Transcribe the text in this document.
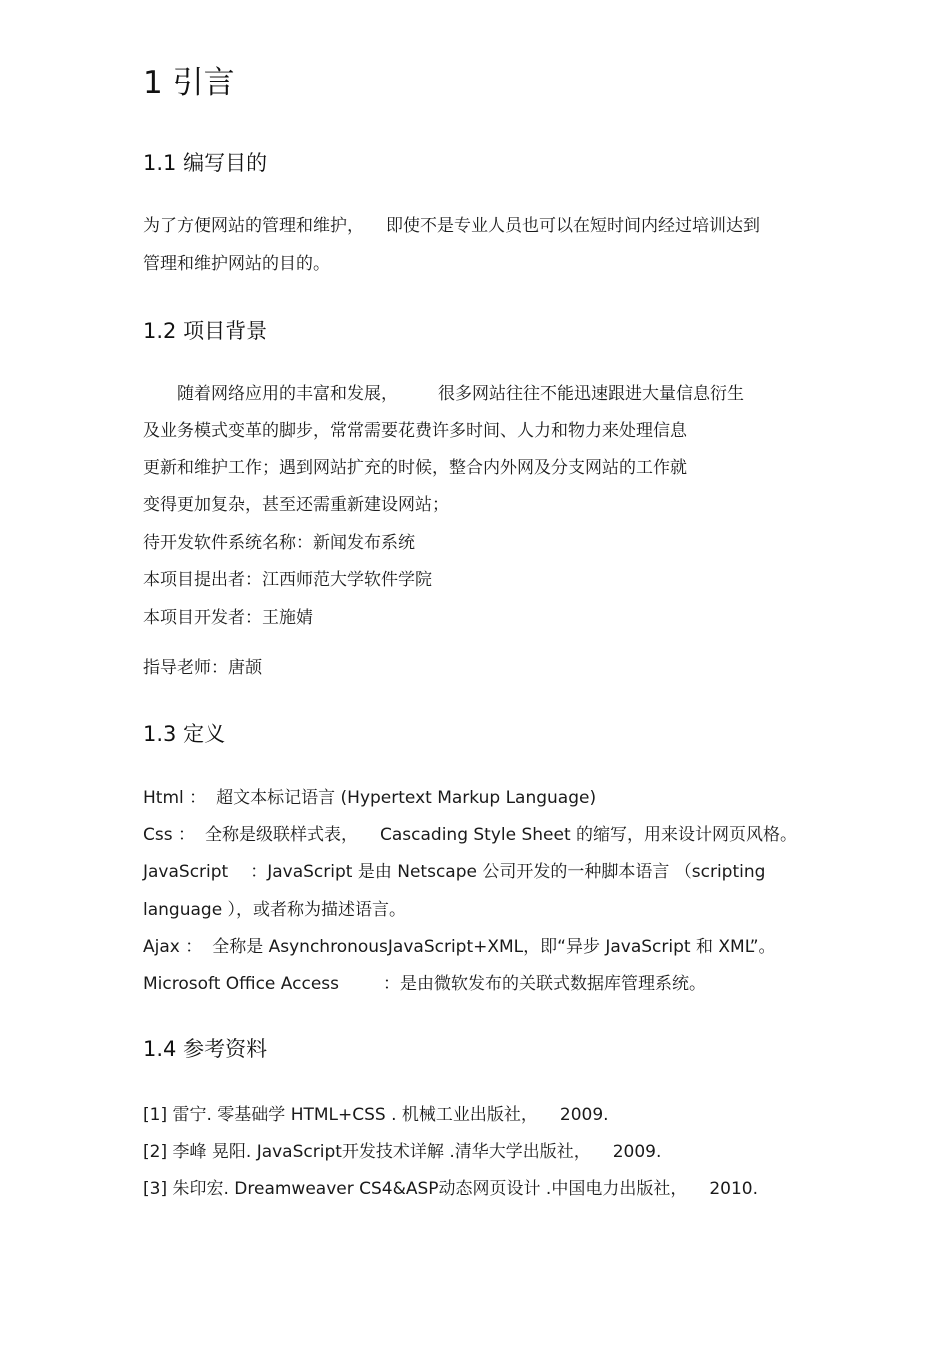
1 引言
1.1 编写目的
为了方便网站的管理和维护， 即使不是专业人员也可以在短时间内经过培训达到
管理和维护网站的目的。
1.2 项目背景
随着网络应用的丰富和发展， 很多网站往往不能迅速跟进大量信息衍生
及业务模式变革的脚步，常常需要花费许多时间、人力和物力来处理信息
更新和维护工作；遇到网站扩充的时候，整合内外网及分支网站的工作就
变得更加复杂，甚至还需重新建设网站；
待开发软件系统名称：新闻发布系统
本项目提出者：江西师范大学软件学院
本项目开发者：王施婧
指导老师：唐颉
1.3 定义
Html ： 超文本标记语言 (Hypertext Markup Language)
Css ： 全称是级联样式表， Cascading Style Sheet 的缩写，用来设计网页风格。
JavaScript ：JavaScript 是由 Netscape 公司开发的一种脚本语言 （scripting
language ），或者称为描述语言。
Ajax ： 全称是 AsynchronousJavaScript+XML，即“异步 JavaScript 和 XML”。
Microsoft Office Access	：是由微软发布的关联式数据库管理系统。
1.4 参考资料
[1] 雷宁. 零基础学 HTML+CSS . 机械工业出版社， 2009.
[2] 李峰 晃阳. JavaScript开发技术详解 .清华大学出版社， 2009.
[3] 朱印宏. Dreamweaver CS4&ASP动态网页设计 .中国电力出版社， 2010.
